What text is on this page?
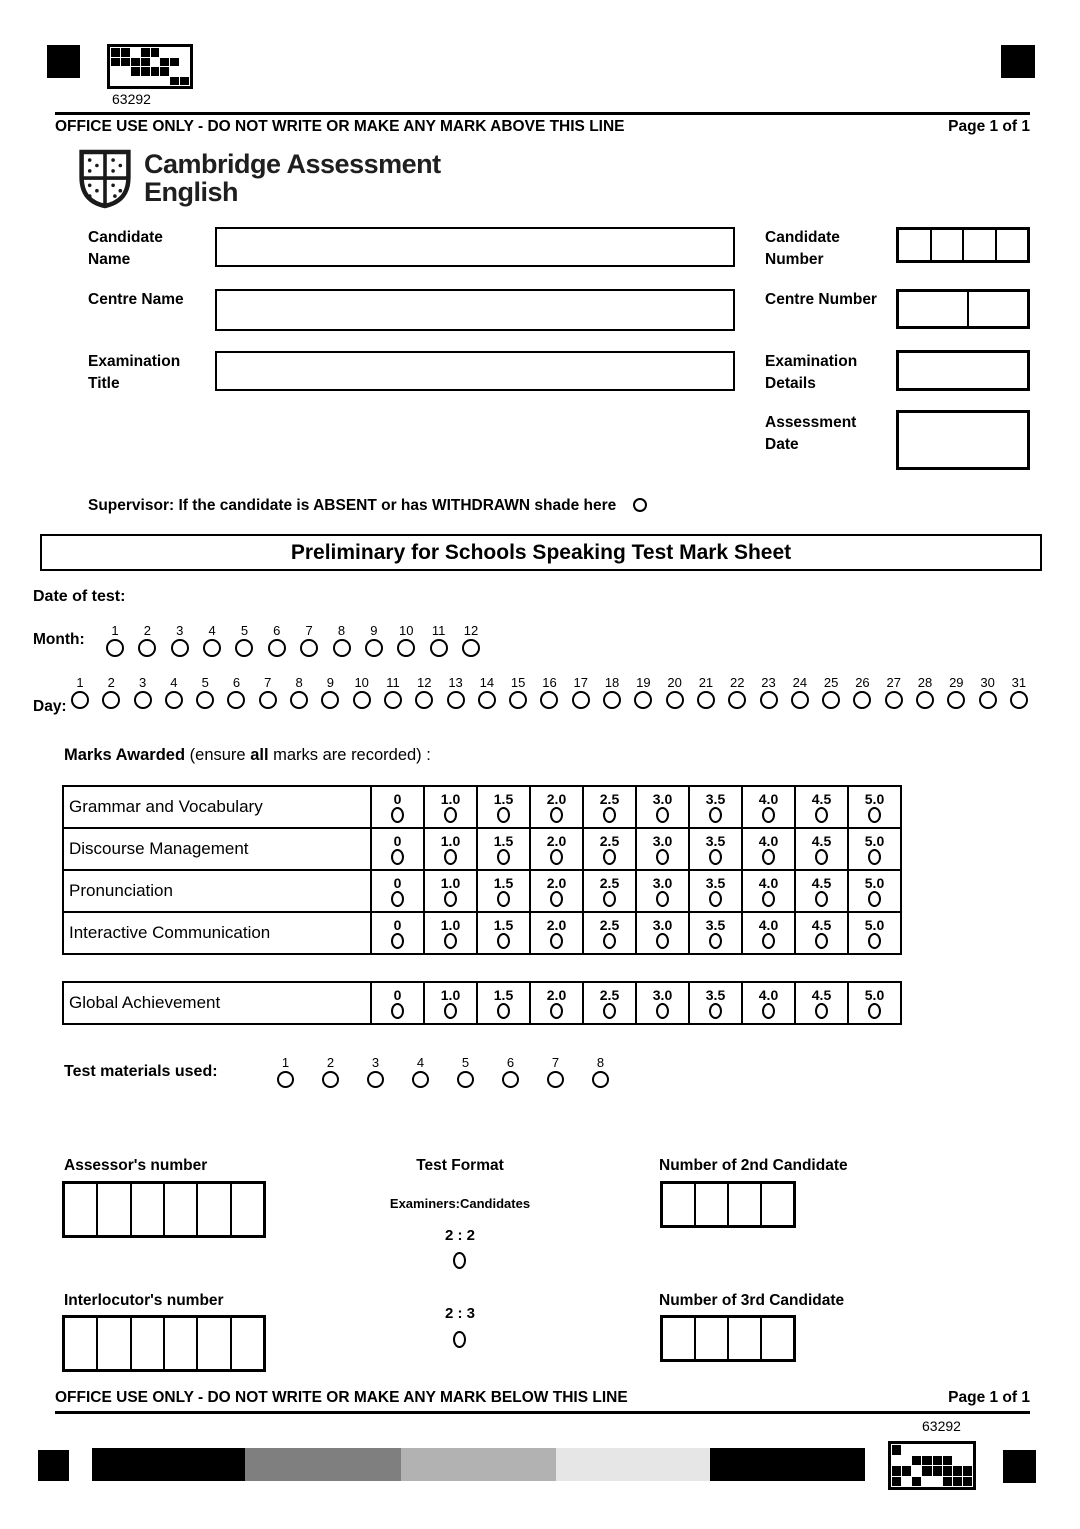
63292
OFFICE USE ONLY - DO NOT WRITE OR MAKE ANY MARK ABOVE THIS LINE	Page 1 of 1
Cambridge Assessment
English
Candidate Name
Centre Name
Examination Title
Candidate Number
Centre Number
Examination Details
Assessment Date
Supervisor: If the candidate is ABSENT or has WITHDRAWN shade here
Preliminary for Schools Speaking Test Mark Sheet
Date of test:
Month:
1 2 3 4 5 6 7 8 9 10 11 12
Day:
1 2 3 4 5 6 7 8 9 10 11 12 13 14 15 16 17 18 19 20 21 22 23 24 25 26 27 28 29 30 31
Marks Awarded (ensure all marks are recorded) :
Grammar and Vocabulary	0	1.0	1.5	2.0	2.5	3.0	3.5	4.0	4.5	5.0

Discourse Management	0	1.0	1.5	2.0	2.5	3.0	3.5	4.0	4.5	5.0

Pronunciation	0	1.0	1.5	2.0	2.5	3.0	3.5	4.0	4.5	5.0

Interactive Communication	0	1.0	1.5	2.0	2.5	3.0	3.5	4.0	4.5	5.0
Global Achievement	0	1.0	1.5	2.0	2.5	3.0	3.5	4.0	4.5	5.0
Test materials used:
1	2	3	4	5	6	7	8
Assessor's number	Test Format
Examiners:Candidates
2 : 2
Number of 2nd Candidate
Interlocutor's number
2 : 3
Number of 3rd Candidate
OFFICE USE ONLY - DO NOT WRITE OR MAKE ANY MARK BELOW THIS LINE	Page 1 of 1
63292
